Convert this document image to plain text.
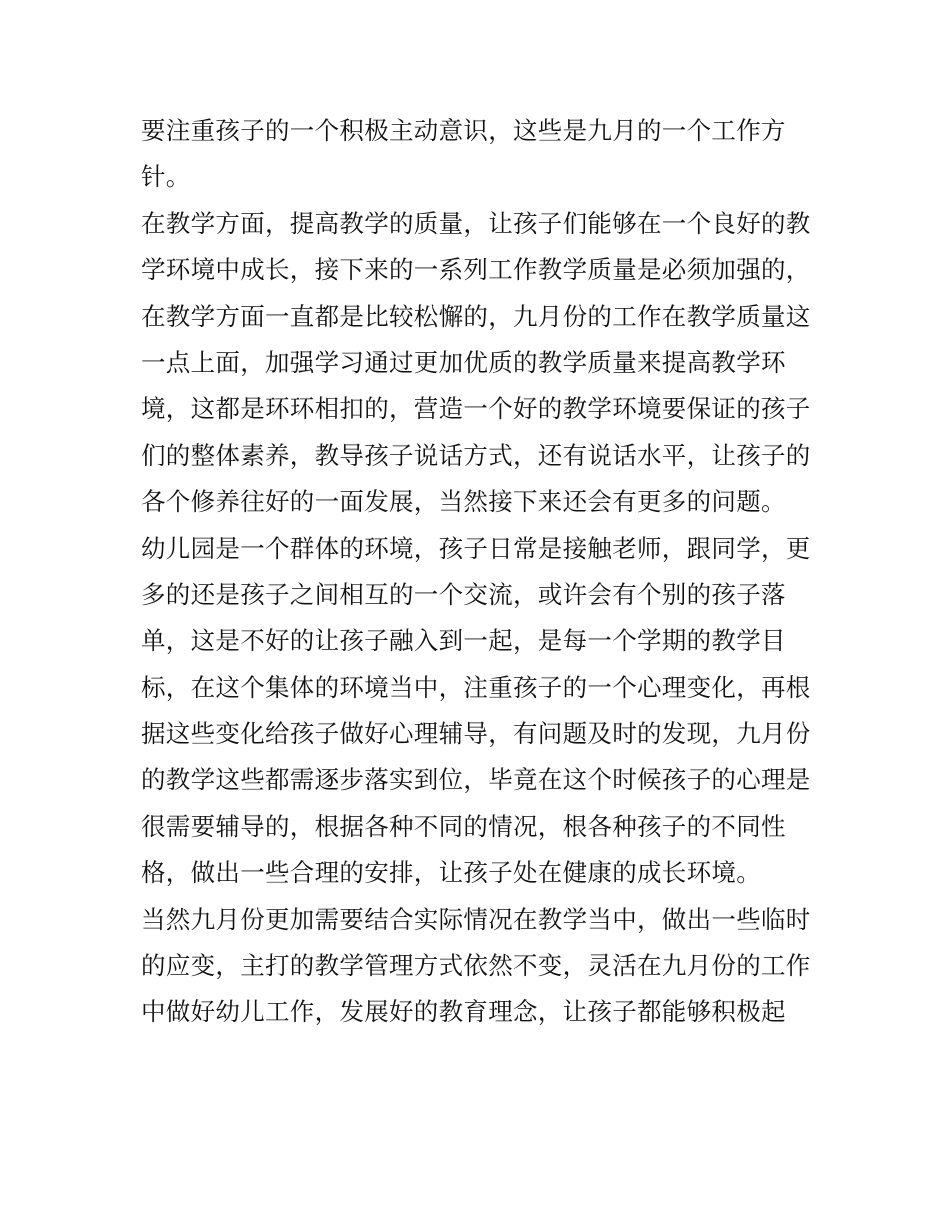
要注重孩子的一个积极主动意识，这些是九月的一个工作方
针。
在教学方面，提高教学的质量，让孩子们能够在一个良好的教
学环境中成长，接下来的一系列工作教学质量是必须加强的，
在教学方面一直都是比较松懈的，九月份的工作在教学质量这
一点上面，加强学习通过更加优质的教学质量来提高教学环
境，这都是环环相扣的，营造一个好的教学环境要保证的孩子
们的整体素养，教导孩子说话方式，还有说话水平，让孩子的
各个修养往好的一面发展，当然接下来还会有更多的问题。
幼儿园是一个群体的环境，孩子日常是接触老师，跟同学，更
多的还是孩子之间相互的一个交流，或许会有个别的孩子落
单，这是不好的让孩子融入到一起，是每一个学期的教学目
标，在这个集体的环境当中，注重孩子的一个心理变化，再根
据这些变化给孩子做好心理辅导，有问题及时的发现，九月份
的教学这些都需逐步落实到位，毕竟在这个时候孩子的心理是
很需要辅导的，根据各种不同的情况，根各种孩子的不同性
格，做出一些合理的安排，让孩子处在健康的成长环境。
当然九月份更加需要结合实际情况在教学当中，做出一些临时
的应变，主打的教学管理方式依然不变，灵活在九月份的工作
中做好幼儿工作，发展好的教育理念，让孩子都能够积极起
